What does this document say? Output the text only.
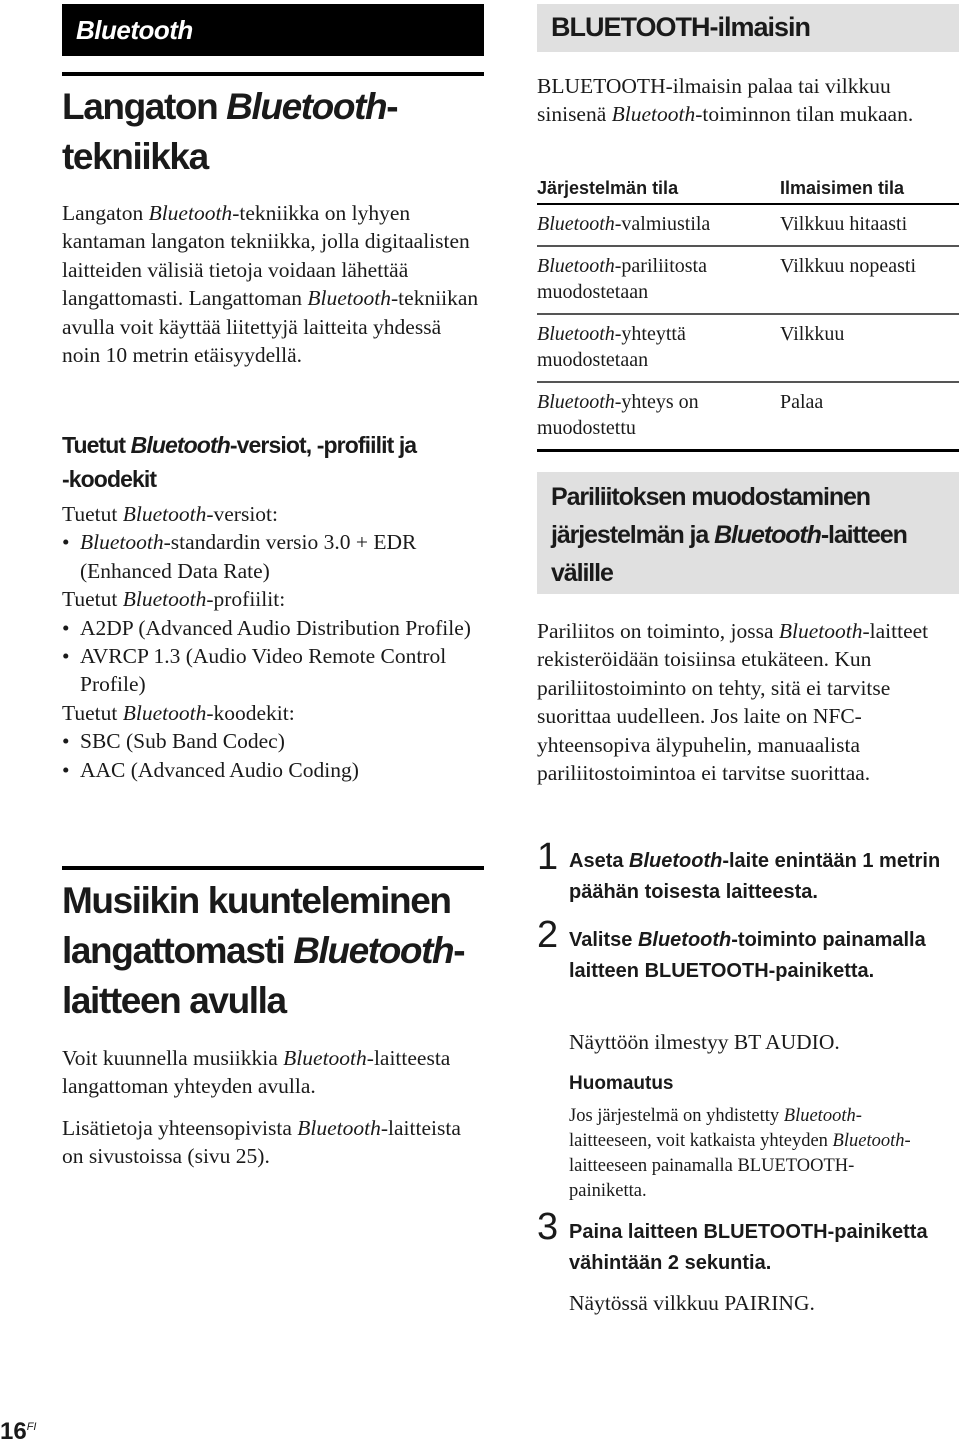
Bluetooth
Langaton Bluetooth-
tekniikka

Langaton Bluetooth-tekniikka on lyhyen kantaman langaton tekniikka, jolla digitaalisten laitteiden välisiä tietoja voidaan lähettää langattomasti. Langattoman Bluetooth-tekniikan avulla voit käyttää liitettyjä laitteita yhdessä noin 10 metrin etäisyydellä.

Tuetut Bluetooth-versiot, -profiilit ja
-koodekit
Tuetut Bluetooth-versiot:
• Bluetooth-standardin versio 3.0 + EDR (Enhanced Data Rate)
Tuetut Bluetooth-profiilit:
• A2DP (Advanced Audio Distribution Profile)
• AVRCP 1.3 (Audio Video Remote Control Profile)
Tuetut Bluetooth-koodekit:
• SBC (Sub Band Codec)
• AAC (Advanced Audio Coding)
Musiikin kuunteleminen
langattomasti Bluetooth-
laitteen avulla

Voit kuunnella musiikkia Bluetooth-laitteesta langattoman yhteyden avulla.

Lisätietoja yhteensopivista Bluetooth-laitteista on sivustoissa (sivu 25).

BLUETOOTH-ilmaisin

BLUETOOTH-ilmaisin palaa tai vilkkuu sinisenä Bluetooth-toiminnon tilan mukaan.

Järjestelmän tila	Ilmaisimen tila
Bluetooth-valmiustila	Vilkkuu hitaasti
Bluetooth-pariliitosta muodostetaan	Vilkkuu nopeasti
Bluetooth-yhteyttä muodostetaan	Vilkkuu
Bluetooth-yhteys on muodostettu	Palaa
Pariliitoksen muodostaminen
järjestelmän ja Bluetooth-laitteen
välille

Pariliitos on toiminto, jossa Bluetooth-laitteet rekisteröidään toisiinsa etukäteen. Kun pariliitostoiminto on tehty, sitä ei tarvitse suorittaa uudelleen. Jos laite on NFC-yhteensopiva älypuhelin, manuaalista pariliitostoimintoa ei tarvitse suorittaa.

1 Aseta Bluetooth-laite enintään 1 metrin päähän toisesta laitteesta.

2 Valitse Bluetooth-toiminto painamalla laitteen BLUETOOTH-painiketta.

Näyttöön ilmestyy BT AUDIO.

Huomautus

Jos järjestelmä on yhdistetty Bluetooth-laitteeseen, voit katkaista yhteyden Bluetooth-laitteeseen painamalla BLUETOOTH-painiketta.

3 Paina laitteen BLUETOOTH-painiketta vähintään 2 sekuntia.

Näytössä vilkkuu PAIRING.

$16^{FI}$
